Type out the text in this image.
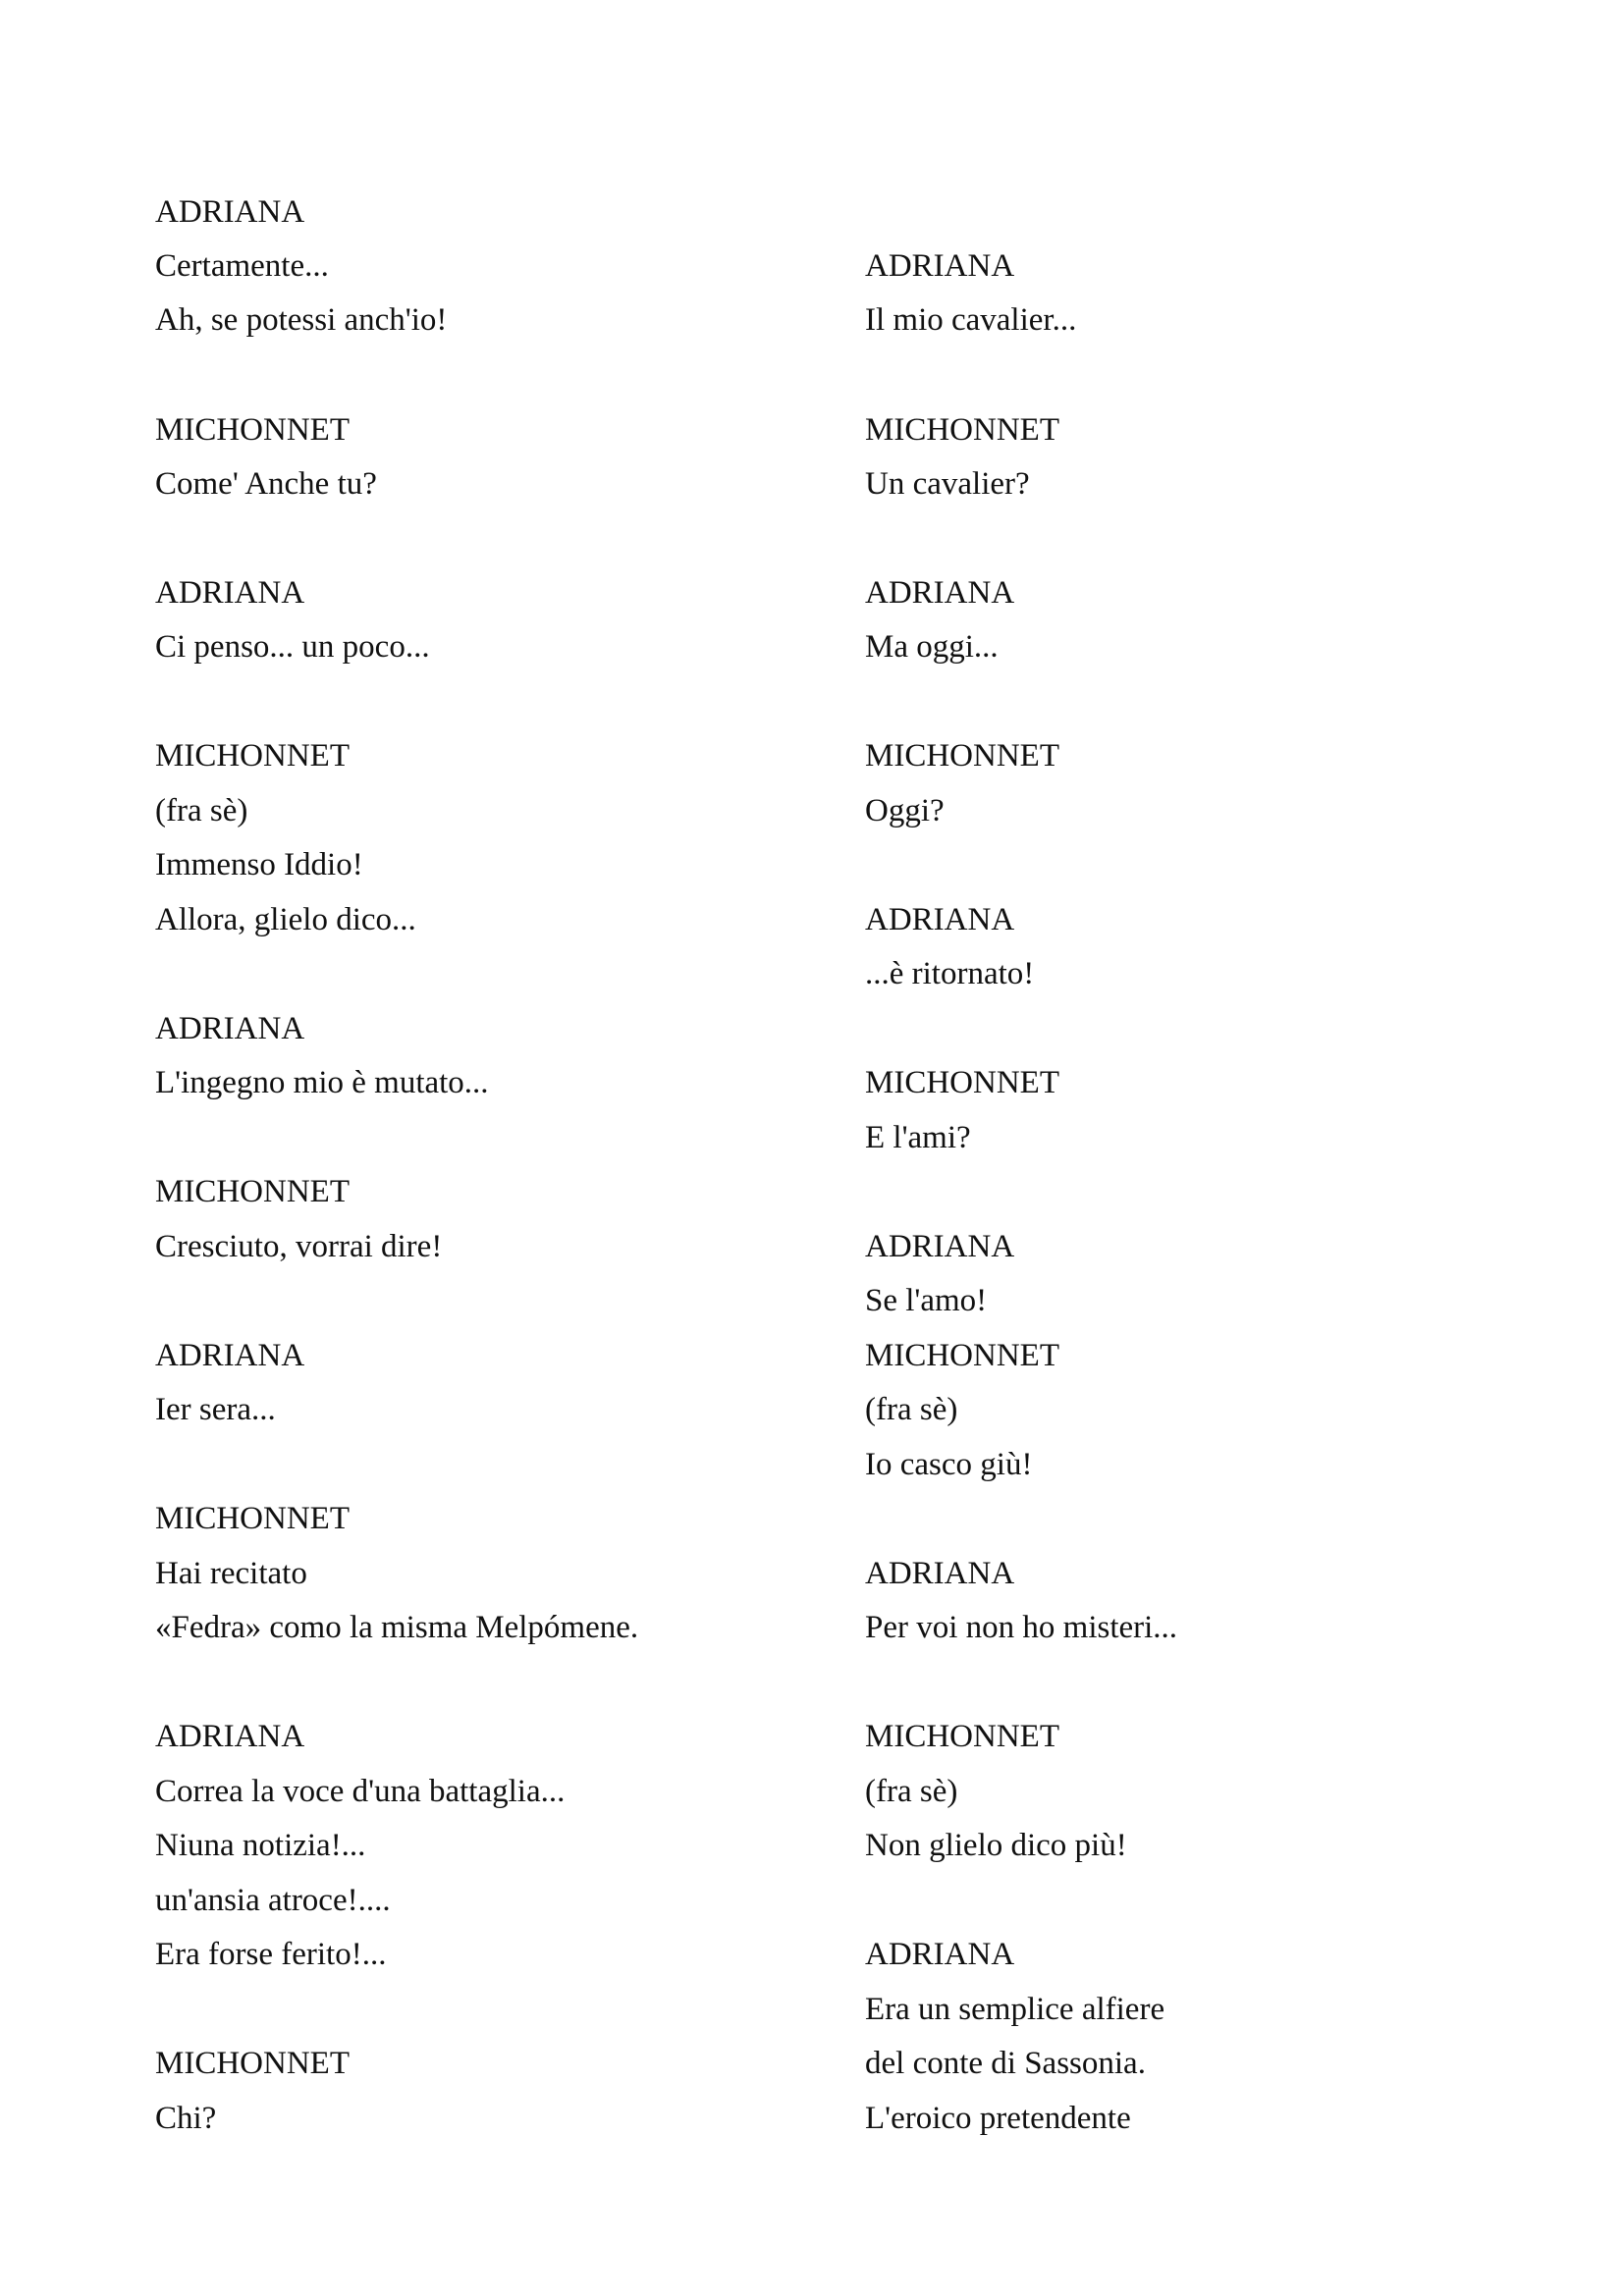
ADRIANA
Certamente...
Ah, se potessi anch'io!
MICHONNET
Come' Anche tu?
ADRIANA
Ci penso... un poco...
MICHONNET
(fra sè)
Immenso Iddio!
Allora, glielo dico...
ADRIANA
L'ingegno mio è mutato...
MICHONNET
Cresciuto, vorrai dire!
ADRIANA
Ier sera...
MICHONNET
Hai recitato
«Fedra» como la misma Melpómene.
ADRIANA
Correa la voce d'una battaglia...
Niuna notizia!...
un'ansia atroce!....
Era forse ferito!...
MICHONNET
Chi?
ADRIANA
Il mio cavalier...
MICHONNET
Un cavalier?
ADRIANA
Ma oggi...
MICHONNET
Oggi?
ADRIANA
...è ritornato!
MICHONNET
E l'ami?
ADRIANA
Se l'amo!
MICHONNET
(fra sè)
Io casco giù!
ADRIANA
Per voi non ho misteri...
MICHONNET
(fra sè)
Non glielo dico più!
ADRIANA
Era un semplice alfiere
del conte di Sassonia.
L'eroico pretendente
